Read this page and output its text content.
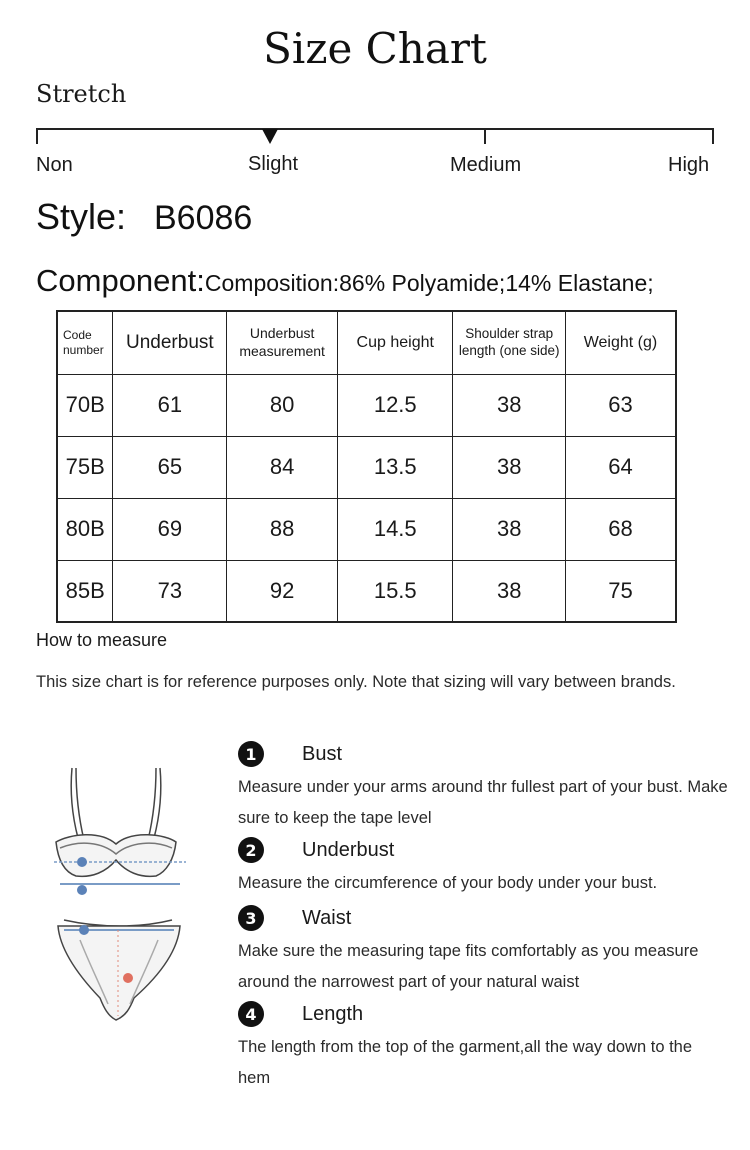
Size Chart
Stretch
Non	Slight	Medium	High
Style: B6086
Component:Composition:86% Polyamide;14% Elastane;
Code number	Underbust	Underbust measurement	Cup height	Shoulder strap length (one side)	Weight (g)
70B	61	80	12.5	38	63
75B	65	84	13.5	38	64
80B	69	88	14.5	38	68
85B	73	92	15.5	38	75
How to measure
This size chart is for reference purposes only. Note that sizing will vary between brands.
1	Bust
Measure under your arms around thr fullest part of your bust. Make sure to keep the tape level
2	Underbust
Measure the circumference of your body under your bust.
3	Waist
Make sure the measuring tape fits comfortably as you measure around the narrowest part of your natural waist
4	Length
The length from the top of the garment,all the way down to the hem
